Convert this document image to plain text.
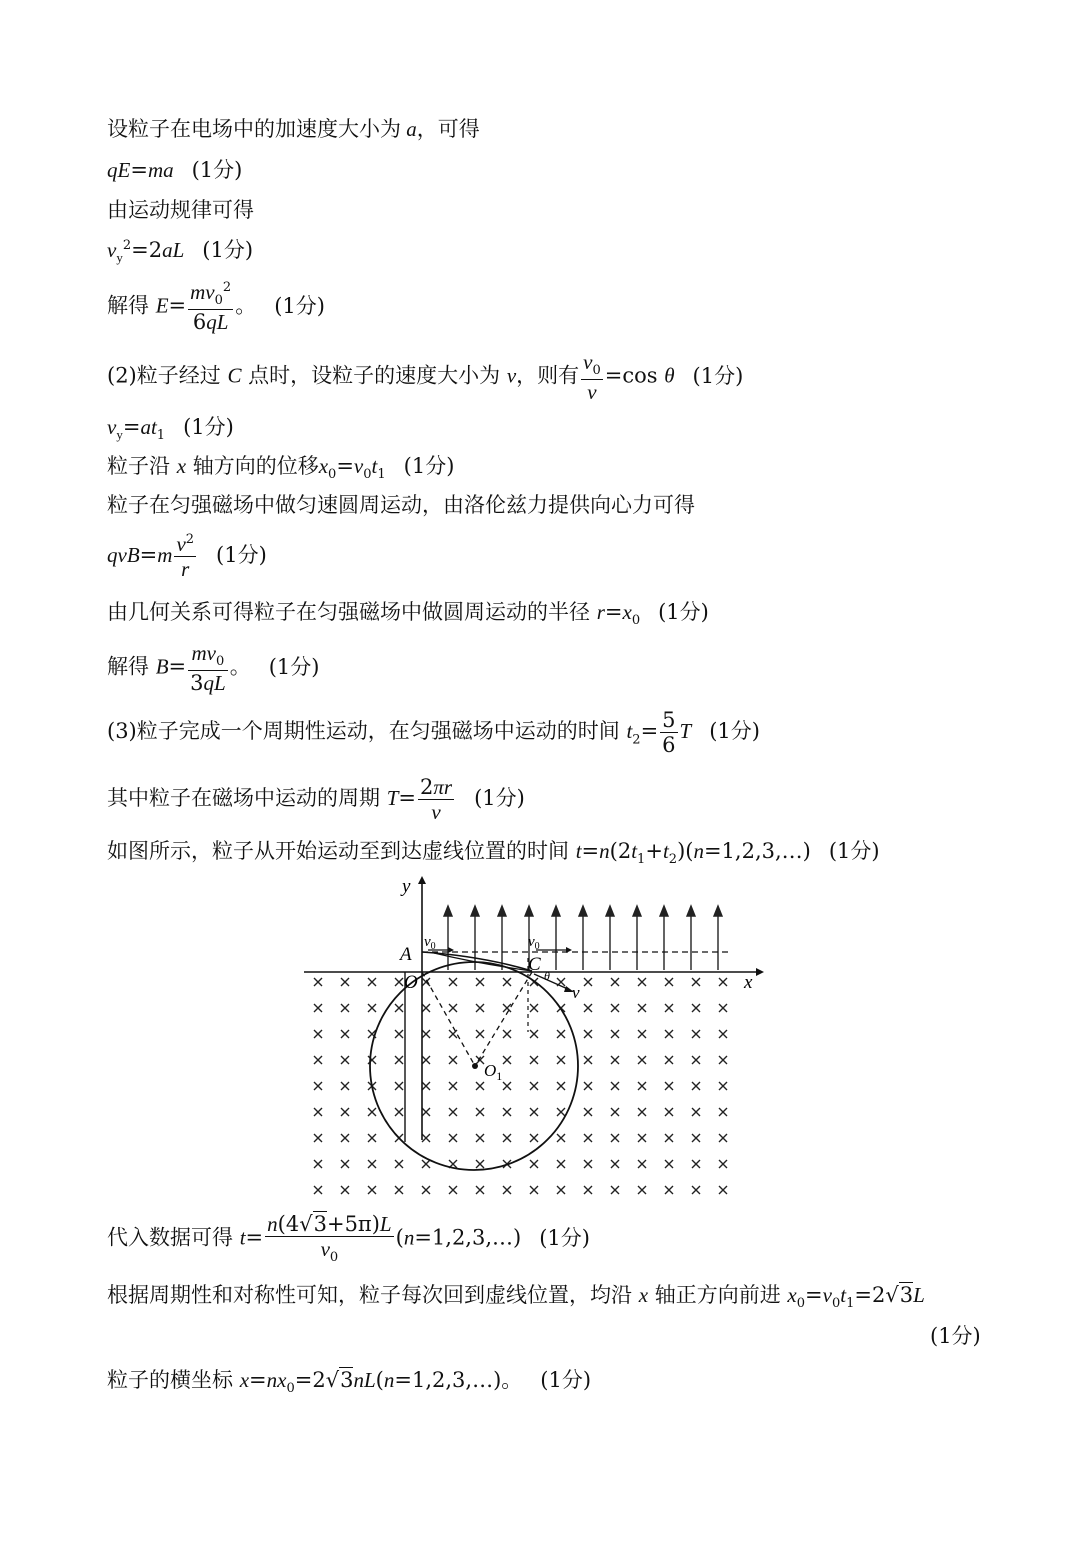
设粒子在电场中的加速度大小为 a，可得
qE=ma (1分)
由运动规律可得
$v_y^2=2aL$ (1分)
解得 $E= \frac{mv_0^2}{6qL}$ 。 (1分)
(2)粒子经过 C 点时，设粒子的速度大小为 v，则有 $\frac{v_0}{v} =\cos$ θ (1分)
$v_y=at_1$ (1分)
粒子沿 x 轴方向的位移$x_0=v_0t_1$ (1分)
粒子在匀强磁场中做匀速圆周运动，由洛伦兹力提供向心力可得
$qvB=m \frac{v^2}{r} (1$分)
由几何关系可得粒子在匀强磁场中做圆周运动的半径 $r=x_0$ (1分)
解得 $B= \frac{mv_0}{3qL}$ 。 (1分)
(3)粒子完成一个周期性运动，在匀强磁场中运动的时间 $t_2= \frac{5}{6}$ T (1分)
其中粒子在磁场中运动的周期 $T= \frac{2\pi r}{v} (1$分)
如图所示，粒子从开始运动至到达虚线位置的时间 $t=n(2t_1+t_2)(n=1,2,3,\dots)$ (1分)
y
x
A
O
C
$O_1$
$v_0$	$v_0$
v
θ
代入数据可得 $t= \frac{n(4√3+5\pi)L}{v_0}$ (n=1,2,3,…) (1分)
根据周期性和对称性可知，粒子每次回到虚线位置，均沿 x 轴正方向前进 $x_0=v_0t_1=2√3L$
(1分)
粒子的横坐标 $x=nx_0=2√3nL(n=1,2,3,\dots)$。 (1分)
